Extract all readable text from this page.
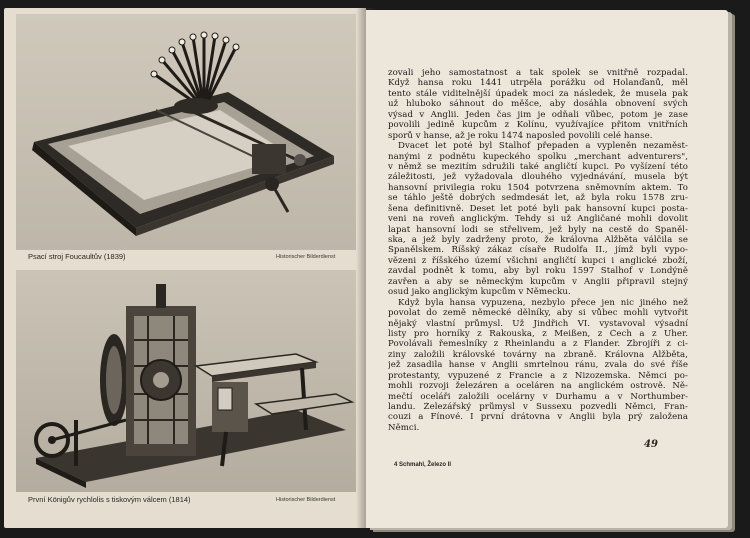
Psací stroj Foucaultův (1839)	Historischer Bilderdienst
První Königův rychlolis s tiskovým válcem (1814)	Historischer Bilderdienst
zovali jeho samostatnost a tak spolek se vnitřně rozpadal.
Když hansa roku 1441 utrpěla porážku od Holanďanů, měl
tento stále viditelnější úpadek moci za následek, že musela pak
už hluboko sáhnout do měšce, aby dosáhla obnovení svých
výsad v Anglii. Jeden čas jim je odňali vůbec, potom je zase
povolili jedině kupcům z Kolínu, využívajíce přitom vnitřních
sporů v hanse, až je roku 1474 naposled povolili celé hanse.
Dvacet let poté byl Stalhof přepaden a vypleněn nezaměst-
nanými z podnětu kupeckého spolku „merchant adventurers",
v němž se mezitím sdružili také angličtí kupci. Po vyšízení této
záležitosti, jež vyžadovala dlouhého vyjednávání, musela být
hansovní privilegia roku 1504 potvrzena sněmovním aktem. To
se táhlo ještě dobrých sedmdesát let, až byla roku 1578 zru-
šena definitivně. Deset let poté byli pak hansovní kupci posta-
veni na roveň anglickým. Tehdy si už Angličané mohli dovolit
lapat hansovní lodi se střelivem, jež byly na cestě do Španěl-
ska, a jež byly zadrženy proto, že královna Alžběta válčila se
Španělskem. Říšský zákaz císaře Rudolfa II., jímž byli vypo-
vězeni z říšského území všichni angličtí kupci i anglické zboží,
zavdal podnět k tomu, aby byl roku 1597 Stalhof v Londýně
zavřen a aby se německým kupcům v Anglii připravil stejný
osud jako anglickým kupcům v Německu.
Když byla hansa vypuzena, nezbylo přece jen nic jiného než
povolat do země německé dělníky, aby si vůbec mohli vytvořit
nějaký vlastní průmysl. Už Jindřich VI. vystavoval výsadní
listy pro horníky z Rakouska, z Meißen, z Čech a z Uher.
Povolávali řemeslníky z Rheinlandu a z Flander. Zbrojíři z ci-
ziny založili královské továrny na zbraně. Královna Alžběta,
jež zasadila hanse v Anglii smrtelnou ránu, zvala do své říše
protestanty, vypuzené z Francie a z Nizozemska. Němci po-
mohli rozvoji železáren a oceláren na anglickém ostrově. Ně-
mečtí oceláři založili ocelárny v Durhamu a v Northumber-
landu. Železářský průmysl v Sussexu pozvedli Němci, Fran-
couzi a Fínové. I první drátovna v Anglii byla prý založena
Němci.
49
4 Schmahl, Železo II
